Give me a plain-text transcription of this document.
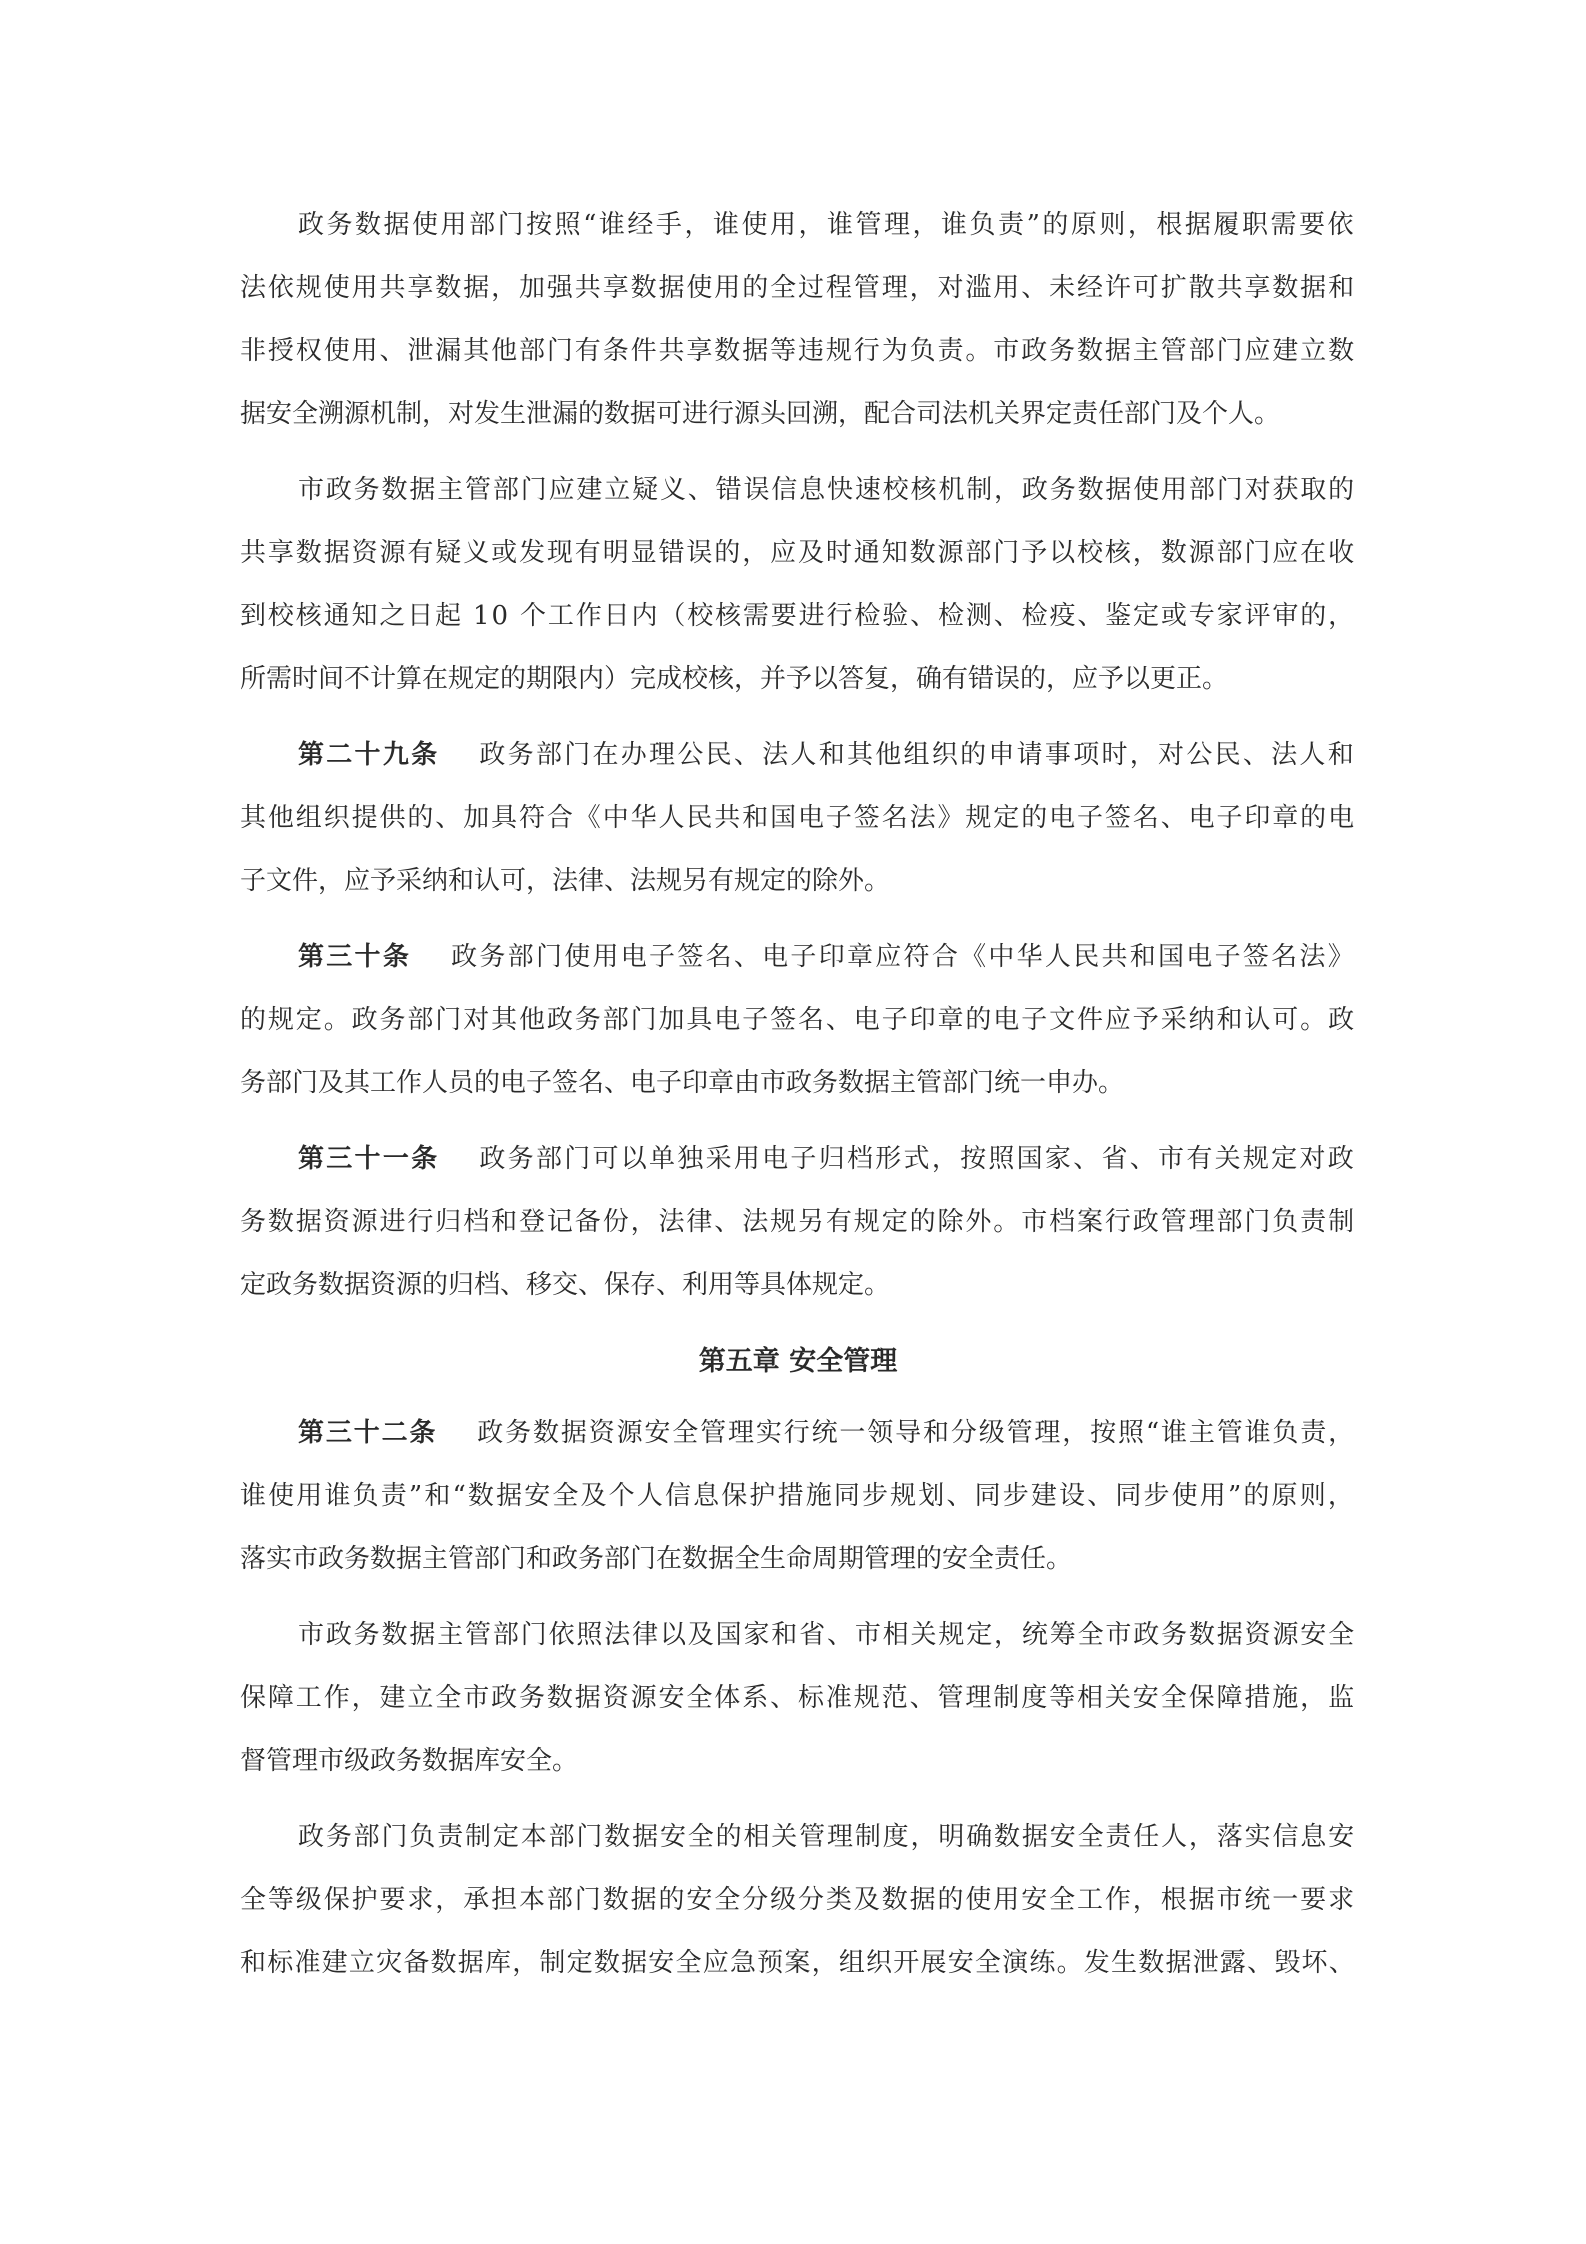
政务数据使用部门按照“谁经手，谁使用，谁管理，谁负责”的原则，根据履职需要依
法依规使用共享数据，加强共享数据使用的全过程管理，对滥用、未经许可扩散共享数据和
非授权使用、泄漏其他部门有条件共享数据等违规行为负责。市政务数据主管部门应建立数
据安全溯源机制，对发生泄漏的数据可进行源头回溯，配合司法机关界定责任部门及个人。
市政务数据主管部门应建立疑义、错误信息快速校核机制，政务数据使用部门对获取的
共享数据资源有疑义或发现有明显错误的，应及时通知数源部门予以校核，数源部门应在收
到校核通知之日起 10 个工作日内（校核需要进行检验、检测、检疫、鉴定或专家评审的，
所需时间不计算在规定的期限内）完成校核，并予以答复，确有错误的，应予以更正。
第二十九条 政务部门在办理公民、法人和其他组织的申请事项时，对公民、法人和
其他组织提供的、加具符合《中华人民共和国电子签名法》规定的电子签名、电子印章的电
子文件，应予采纳和认可，法律、法规另有规定的除外。
第三十条 政务部门使用电子签名、电子印章应符合《中华人民共和国电子签名法》
的规定。政务部门对其他政务部门加具电子签名、电子印章的电子文件应予采纳和认可。政
务部门及其工作人员的电子签名、电子印章由市政务数据主管部门统一申办。
第三十一条 政务部门可以单独采用电子归档形式，按照国家、省、市有关规定对政
务数据资源进行归档和登记备份，法律、法规另有规定的除外。市档案行政管理部门负责制
定政务数据资源的归档、移交、保存、利用等具体规定。
第五章 安全管理
第三十二条 政务数据资源安全管理实行统一领导和分级管理，按照“谁主管谁负责，
谁使用谁负责”和“数据安全及个人信息保护措施同步规划、同步建设、同步使用”的原则，
落实市政务数据主管部门和政务部门在数据全生命周期管理的安全责任。
市政务数据主管部门依照法律以及国家和省、市相关规定，统筹全市政务数据资源安全
保障工作，建立全市政务数据资源安全体系、标准规范、管理制度等相关安全保障措施，监
督管理市级政务数据库安全。
政务部门负责制定本部门数据安全的相关管理制度，明确数据安全责任人，落实信息安
全等级保护要求，承担本部门数据的安全分级分类及数据的使用安全工作，根据市统一要求
和标准建立灾备数据库，制定数据安全应急预案，组织开展安全演练。发生数据泄露、毁坏、
